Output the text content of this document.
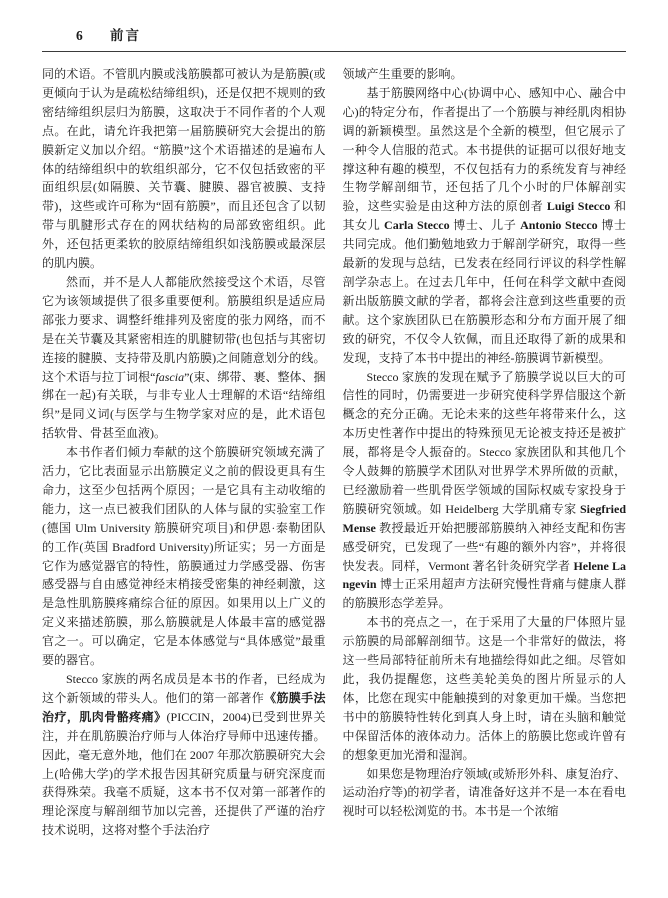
6 前言

同的术语。不管肌内膜或浅筋膜都可被认为是筋膜(或更倾向于认为是疏松结缔组织)，还是仅把不规则的致密结缔组织层归为筋膜，这取决于不同作者的个人观点。在此，请允许我把第一届筋膜研究大会提出的筋膜新定义加以介绍。“筋膜”这个术语描述的是遍布人体的结缔组织中的软组织部分，它不仅包括致密的平面组织层(如隔膜、关节囊、腱膜、器官被膜、支持带)，这些或许可称为“固有筋膜”，而且还包含了以韧带与肌腱形式存在的网状结构的局部致密组织。此外，还包括更柔软的胶原结缔组织如浅筋膜或最深层的肌内膜。

然而，并不是人人都能欣然接受这个术语，尽管它为该领域提供了很多重要便利。筋膜组织是适应局部张力要求、调整纤维排列及密度的张力网络，而不是在关节囊及其紧密相连的肌腱韧带(也包括与其密切连接的腱膜、支持带及肌内筋膜)之间随意划分的线。这个术语与拉丁词根“fascia”(束、绑带、裹、整体、捆绑在一起)有关联，与非专业人士理解的术语“结缔组织”是同义词(与医学与生物学家对应的是，此术语包括软骨、骨甚至血液)。

本书作者们倾力奉献的这个筋膜研究领域充满了活力，它比表面显示出筋膜定义之前的假设更具有生命力，这至少包括两个原因；一是它具有主动收缩的能力，这一点已被我们团队的人体与鼠的实验室工作(德国 Ulm University 筋膜研究项目)和伊恩·泰勒团队的工作(英国 Bradford University)所证实；另一方面是它作为感觉器官的特性，筋膜通过力学感受器、伤害感受器与自由感觉神经末梢接受密集的神经刺激，这是急性肌筋膜疼痛综合征的原因。如果用以上广义的定义来描述筋膜，那么筋膜就是人体最丰富的感觉器官之一。可以确定，它是本体感觉与“具体感觉”最重要的器官。

Stecco 家族的两名成员是本书的作者，已经成为这个新领域的带头人。他们的第一部著作《筋膜手法治疗，肌肉骨骼疼痛》(PICCIN，2004)已受到世界关注，并在肌筋膜治疗师与人体治疗导师中迅速传播。因此，毫无意外地，他们在 2007 年那次筋膜研究大会上(哈佛大学)的学术报告因其研究质量与研究深度而获得殊荣。我毫不质疑，这本书不仅对第一部著作的理论深度与解剖细节加以完善，还提供了严谨的治疗技术说明，这将对整个手法治疗

领域产生重要的影响。

基于筋膜网络中心(协调中心、感知中心、融合中心)的特定分布，作者提出了一个筋膜与神经肌肉相协调的新颖模型。虽然这是个全新的模型，但它展示了一种令人信服的范式。本书提供的证据可以很好地支撑这种有趣的模型，不仅包括有力的系统发育与神经生物学解剖细节，还包括了几个小时的尸体解剖实验，这些实验是由这种方法的原创者 Luigi Stecco 和其女儿 Carla Stecco 博士、儿子 Antonio Stecco 博士共同完成。他们勤勉地致力于解剖学研究，取得一些最新的发现与总结，已发表在经同行评议的科学性解剖学杂志上。在过去几年中，任何在科学文献中查阅新出版筋膜文献的学者，都将会注意到这些重要的贡献。这个家族团队已在筋膜形态和分布方面开展了细致的研究，不仅令人钦佩，而且还取得了新的成果和发现，支持了本书中提出的神经-筋膜调节新模型。

Stecco 家族的发现在赋予了筋膜学说以巨大的可信性的同时，仍需要进一步研究使科学界信服这个新概念的充分正确。无论未来的这些年将带来什么，这本历史性著作中提出的特殊预见无论被支持还是被扩展，都将是令人振奋的。Stecco 家族团队和其他几个令人鼓舞的筋膜学术团队对世界学术界所做的贡献，已经激励着一些肌骨医学领域的国际权威专家投身于筋膜研究领域。如 Heidelberg 大学肌痛专家 Siegfried Mense 教授最近开始把腰部筋膜纳入神经支配和伤害感受研究，已发现了一些“有趣的额外内容”，并将很快发表。同样，Vermont 著名针灸研究学者 Helene Langevin 博士正采用超声方法研究慢性背痛与健康人群的筋膜形态学差异。

本书的亮点之一，在于采用了大量的尸体照片显示筋膜的局部解剖细节。这是一个非常好的做法，将这一些局部特征前所未有地描绘得如此之细。尽管如此，我仍提醒您，这些美轮美奂的图片所显示的人体，比您在现实中能触摸到的对象更加干燥。当您把书中的筋膜特性转化到真人身上时，请在头脑和触觉中保留活体的液体动力。活体上的筋膜比您或许曾有的想象更加光滑和湿润。

如果您是物理治疗领域(或矫形外科、康复治疗、运动治疗等)的初学者，请准备好这并不是一本在看电视时可以轻松浏览的书。本书是一个浓缩
